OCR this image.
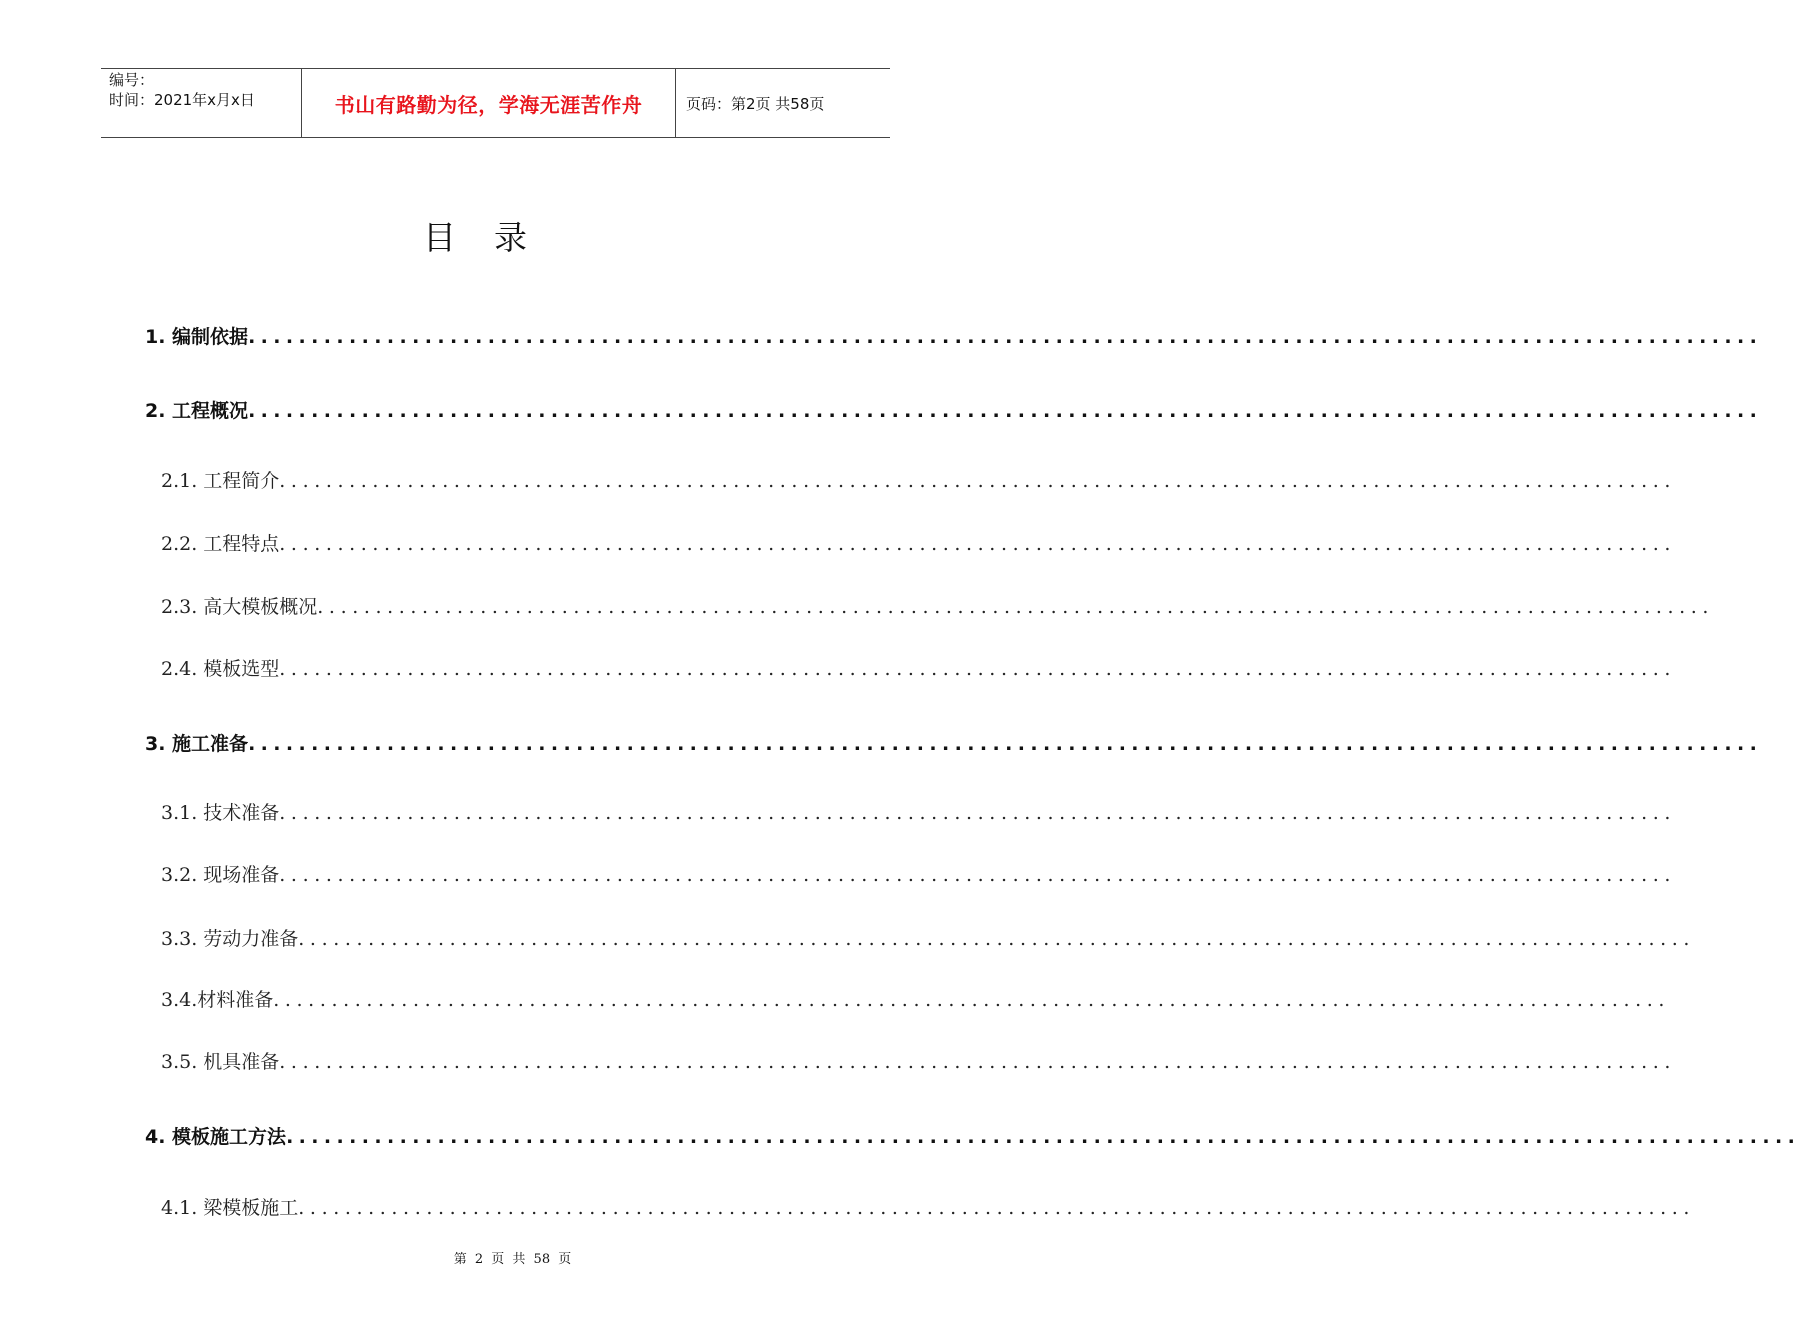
编号：
时间：2021年x月x日	书山有路勤为径，学海无涯苦作舟	页码：第2页 共58页
目录
1. 编制依据 ........................................................................................................................
2. 工程概况 ........................................................................................................................
2.1. 工程简介 ........................................................................................................................
2.2. 工程特点 ........................................................................................................................
2.3. 高大模板概况 ........................................................................................................................
2.4. 模板选型 ........................................................................................................................
3. 施工准备 ........................................................................................................................
3.1. 技术准备 ........................................................................................................................
3.2. 现场准备 ........................................................................................................................
3.3. 劳动力准备 ........................................................................................................................
3.4.材料准备 ........................................................................................................................
3.5. 机具准备 ........................................................................................................................
4. 模板施工方法 ........................................................................................................................
4.1. 梁模板施工 ........................................................................................................................
第 2 页 共 58 页
